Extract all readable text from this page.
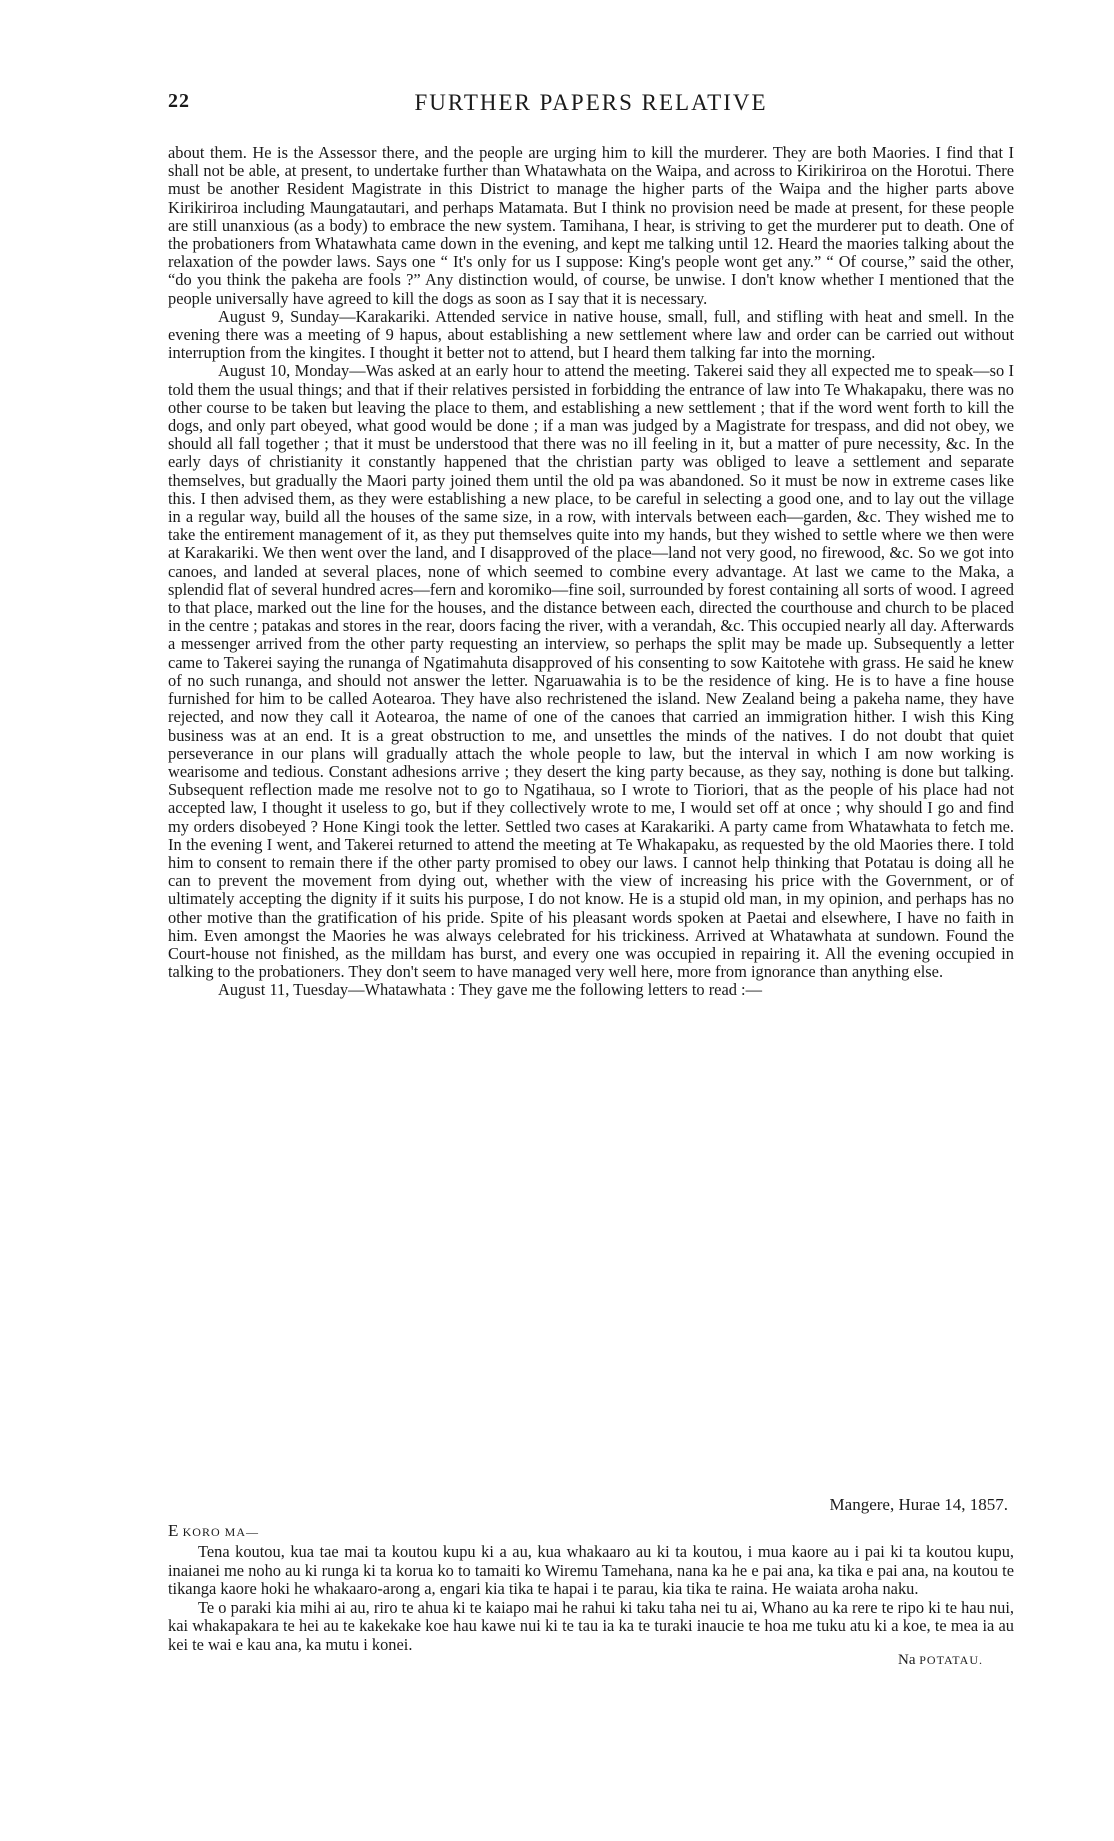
22	FURTHER PAPERS RELATIVE

about them. He is the Assessor there, and the people are urging him to kill the murderer. They are both Maories. I find that I shall not be able, at present, to undertake further than Whatawhata on the Waipa, and across to Kirikiriroa on the Horotui. There must be another Resident Magistrate in this District to manage the higher parts of the Waipa and the higher parts above Kirikiriroa including Maungatautari, and perhaps Matamata. But I think no provision need be made at present, for these people are still unanxious (as a body) to embrace the new system. Tamihana, I hear, is striving to get the murderer put to death. One of the probationers from Whatawhata came down in the evening, and kept me talking until 12. Heard the maories talking about the relaxation of the powder laws. Says one “ It's only for us I suppose: King's people wont get any.” “ Of course,” said the other, “do you think the pakeha are fools ?” Any distinction would, of course, be unwise. I don't know whether I mentioned that the people universally have agreed to kill the dogs as soon as I say that it is necessary.

August 9, Sunday—Karakariki. Attended service in native house, small, full, and stifling with heat and smell. In the evening there was a meeting of 9 hapus, about establishing a new settlement where law and order can be carried out without interruption from the kingites. I thought it better not to attend, but I heard them talking far into the morning.

August 10, Monday—Was asked at an early hour to attend the meeting. Takerei said they all expected me to speak—so I told them the usual things; and that if their relatives persisted in forbidding the entrance of law into Te Whakapaku, there was no other course to be taken but leaving the place to them, and establishing a new settlement ; that if the word went forth to kill the dogs, and only part obeyed, what good would be done ; if a man was judged by a Magistrate for trespass, and did not obey, we should all fall together ; that it must be understood that there was no ill feeling in it, but a matter of pure necessity, &c. In the early days of christianity it constantly happened that the christian party was obliged to leave a settlement and separate themselves, but gradually the Maori party joined them until the old pa was abandoned. So it must be now in extreme cases like this. I then advised them, as they were establishing a new place, to be careful in selecting a good one, and to lay out the village in a regular way, build all the houses of the same size, in a row, with intervals between each—garden, &c. They wished me to take the entirement management of it, as they put themselves quite into my hands, but they wished to settle where we then were at Karakariki. We then went over the land, and I disapproved of the place—land not very good, no firewood, &c. So we got into canoes, and landed at several places, none of which seemed to combine every advantage. At last we came to the Maka, a splendid flat of several hundred acres—fern and koromiko—fine soil, surrounded by forest containing all sorts of wood. I agreed to that place, marked out the line for the houses, and the distance between each, directed the courthouse and church to be placed in the centre ; patakas and stores in the rear, doors facing the river, with a verandah, &c. This occupied nearly all day. Afterwards a messenger arrived from the other party requesting an interview, so perhaps the split may be made up. Subsequently a letter came to Takerei saying the runanga of Ngatimahuta disapproved of his consenting to sow Kaitotehe with grass. He said he knew of no such runanga, and should not answer the letter. Ngaruawahia is to be the residence of king. He is to have a fine house furnished for him to be called Aotearoa. They have also rechristened the island. New Zealand being a pakeha name, they have rejected, and now they call it Aotearoa, the name of one of the canoes that carried an immigration hither. I wish this King business was at an end. It is a great obstruction to me, and unsettles the minds of the natives. I do not doubt that quiet perseverance in our plans will gradually attach the whole people to law, but the interval in which I am now working is wearisome and tedious. Constant adhesions arrive ; they desert the king party because, as they say, nothing is done but talking. Subsequent reflection made me resolve not to go to Ngatihaua, so I wrote to Tioriori, that as the people of his place had not accepted law, I thought it useless to go, but if they collectively wrote to me, I would set off at once ; why should I go and find my orders disobeyed ? Hone Kingi took the letter. Settled two cases at Karakariki. A party came from Whatawhata to fetch me. In the evening I went, and Takerei returned to attend the meeting at Te Whakapaku, as requested by the old Maories there. I told him to consent to remain there if the other party promised to obey our laws. I cannot help thinking that Potatau is doing all he can to prevent the movement from dying out, whether with the view of increasing his price with the Government, or of ultimately accepting the dignity if it suits his purpose, I do not know. He is a stupid old man, in my opinion, and perhaps has no other motive than the gratification of his pride. Spite of his pleasant words spoken at Paetai and elsewhere, I have no faith in him. Even amongst the Maories he was always celebrated for his trickiness. Arrived at Whatawhata at sundown. Found the Court-house not finished, as the milldam has burst, and every one was occupied in repairing it. All the evening occupied in talking to the probationers. They don't seem to have managed very well here, more from ignorance than anything else.

August 11, Tuesday—Whatawhata : They gave me the following letters to read :—

Mangere, Hurae 14, 1857.
E KORO MA—

Tena koutou, kua tae mai ta koutou kupu ki a au, kua whakaaro au ki ta koutou, i mua kaore au i pai ki ta koutou kupu, inaianei me noho au ki runga ki ta korua ko to tamaiti ko Wiremu Tamehana, nana ka he e pai ana, ka tika e pai ana, na koutou te tikanga kaore hoki he whakaaro-arong a, engari kia tika te hapai i te parau, kia tika te raina. He waiata aroha naku.

Te o paraki kia mihi ai au, riro te ahua ki te kaiapo mai he rahui ki taku taha nei tu ai, Whano au ka rere te ripo ki te hau nui, kai whakapakara te hei au te kakekake koe hau kawe nui ki te tau ia ka te turaki inaucie te hoa me tuku atu ki a koe, te mea ia au kei te wai e kau ana, ka mutu i konei.

Na POTATAU.
